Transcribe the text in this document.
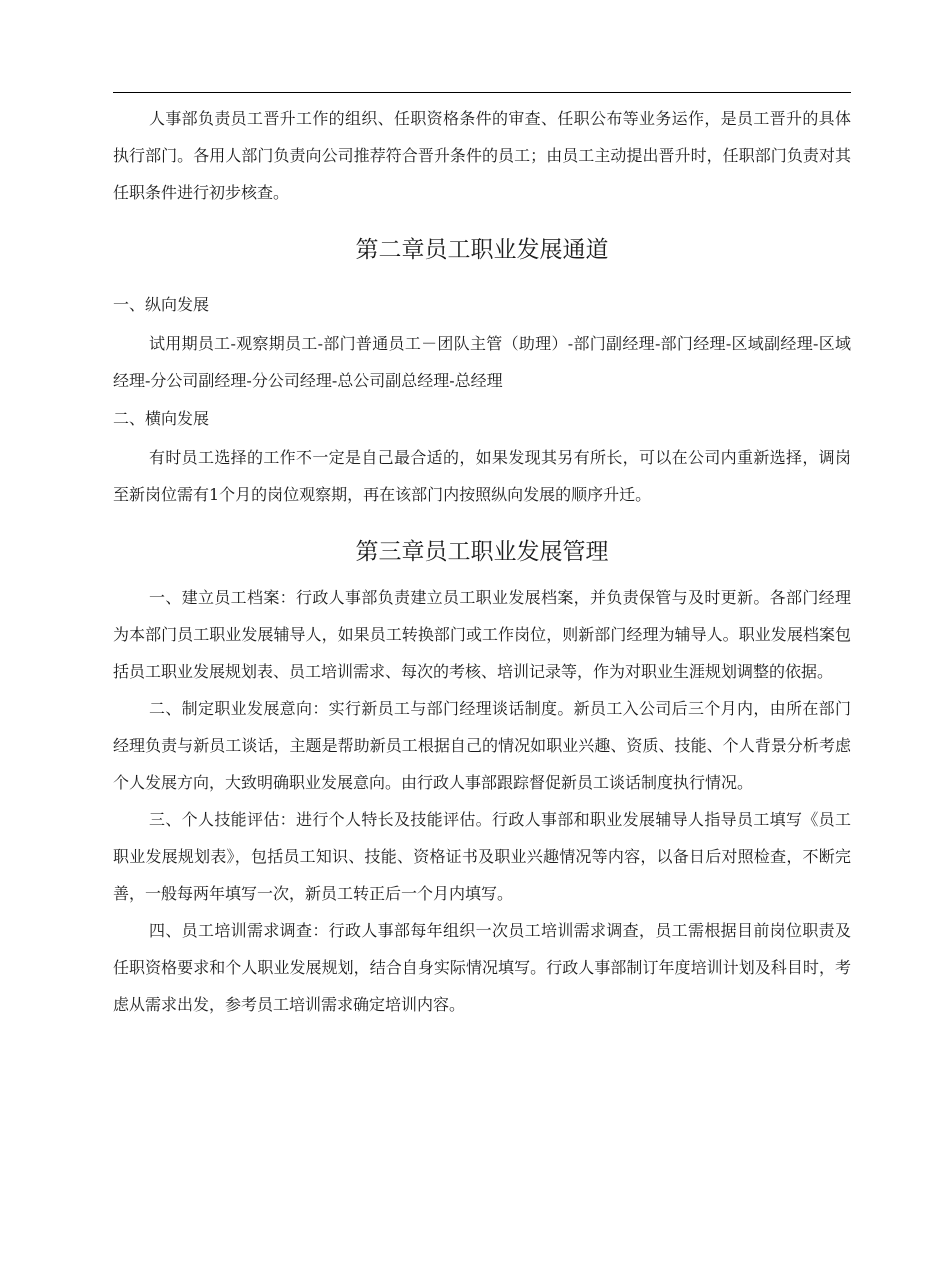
人事部负责员工晋升工作的组织、任职资格条件的审查、任职公布等业务运作，是员工晋升的具体执行部门。各用人部门负责向公司推荐符合晋升条件的员工；由员工主动提出晋升时，任职部门负责对其任职条件进行初步核查。

第二章员工职业发展通道

一、纵向发展

试用期员工-观察期员工-部门普通员工－团队主管（助理）-部门副经理-部门经理-区域副经理-区域经理-分公司副经理-分公司经理-总公司副总经理-总经理

二、横向发展

有时员工选择的工作不一定是自己最合适的，如果发现其另有所长，可以在公司内重新选择，调岗至新岗位需有1个月的岗位观察期，再在该部门内按照纵向发展的顺序升迁。

第三章员工职业发展管理

一、建立员工档案：行政人事部负责建立员工职业发展档案，并负责保管与及时更新。各部门经理为本部门员工职业发展辅导人，如果员工转换部门或工作岗位，则新部门经理为辅导人。职业发展档案包括员工职业发展规划表、员工培训需求、每次的考核、培训记录等，作为对职业生涯规划调整的依据。

二、制定职业发展意向：实行新员工与部门经理谈话制度。新员工入公司后三个月内，由所在部门经理负责与新员工谈话，主题是帮助新员工根据自己的情况如职业兴趣、资质、技能、个人背景分析考虑个人发展方向，大致明确职业发展意向。由行政人事部跟踪督促新员工谈话制度执行情况。

三、个人技能评估：进行个人特长及技能评估。行政人事部和职业发展辅导人指导员工填写《员工职业发展规划表》，包括员工知识、技能、资格证书及职业兴趣情况等内容，以备日后对照检查，不断完善，一般每两年填写一次，新员工转正后一个月内填写。

四、员工培训需求调查：行政人事部每年组织一次员工培训需求调查，员工需根据目前岗位职责及任职资格要求和个人职业发展规划，结合自身实际情况填写。行政人事部制订年度培训计划及科目时，考虑从需求出发，参考员工培训需求确定培训内容。
